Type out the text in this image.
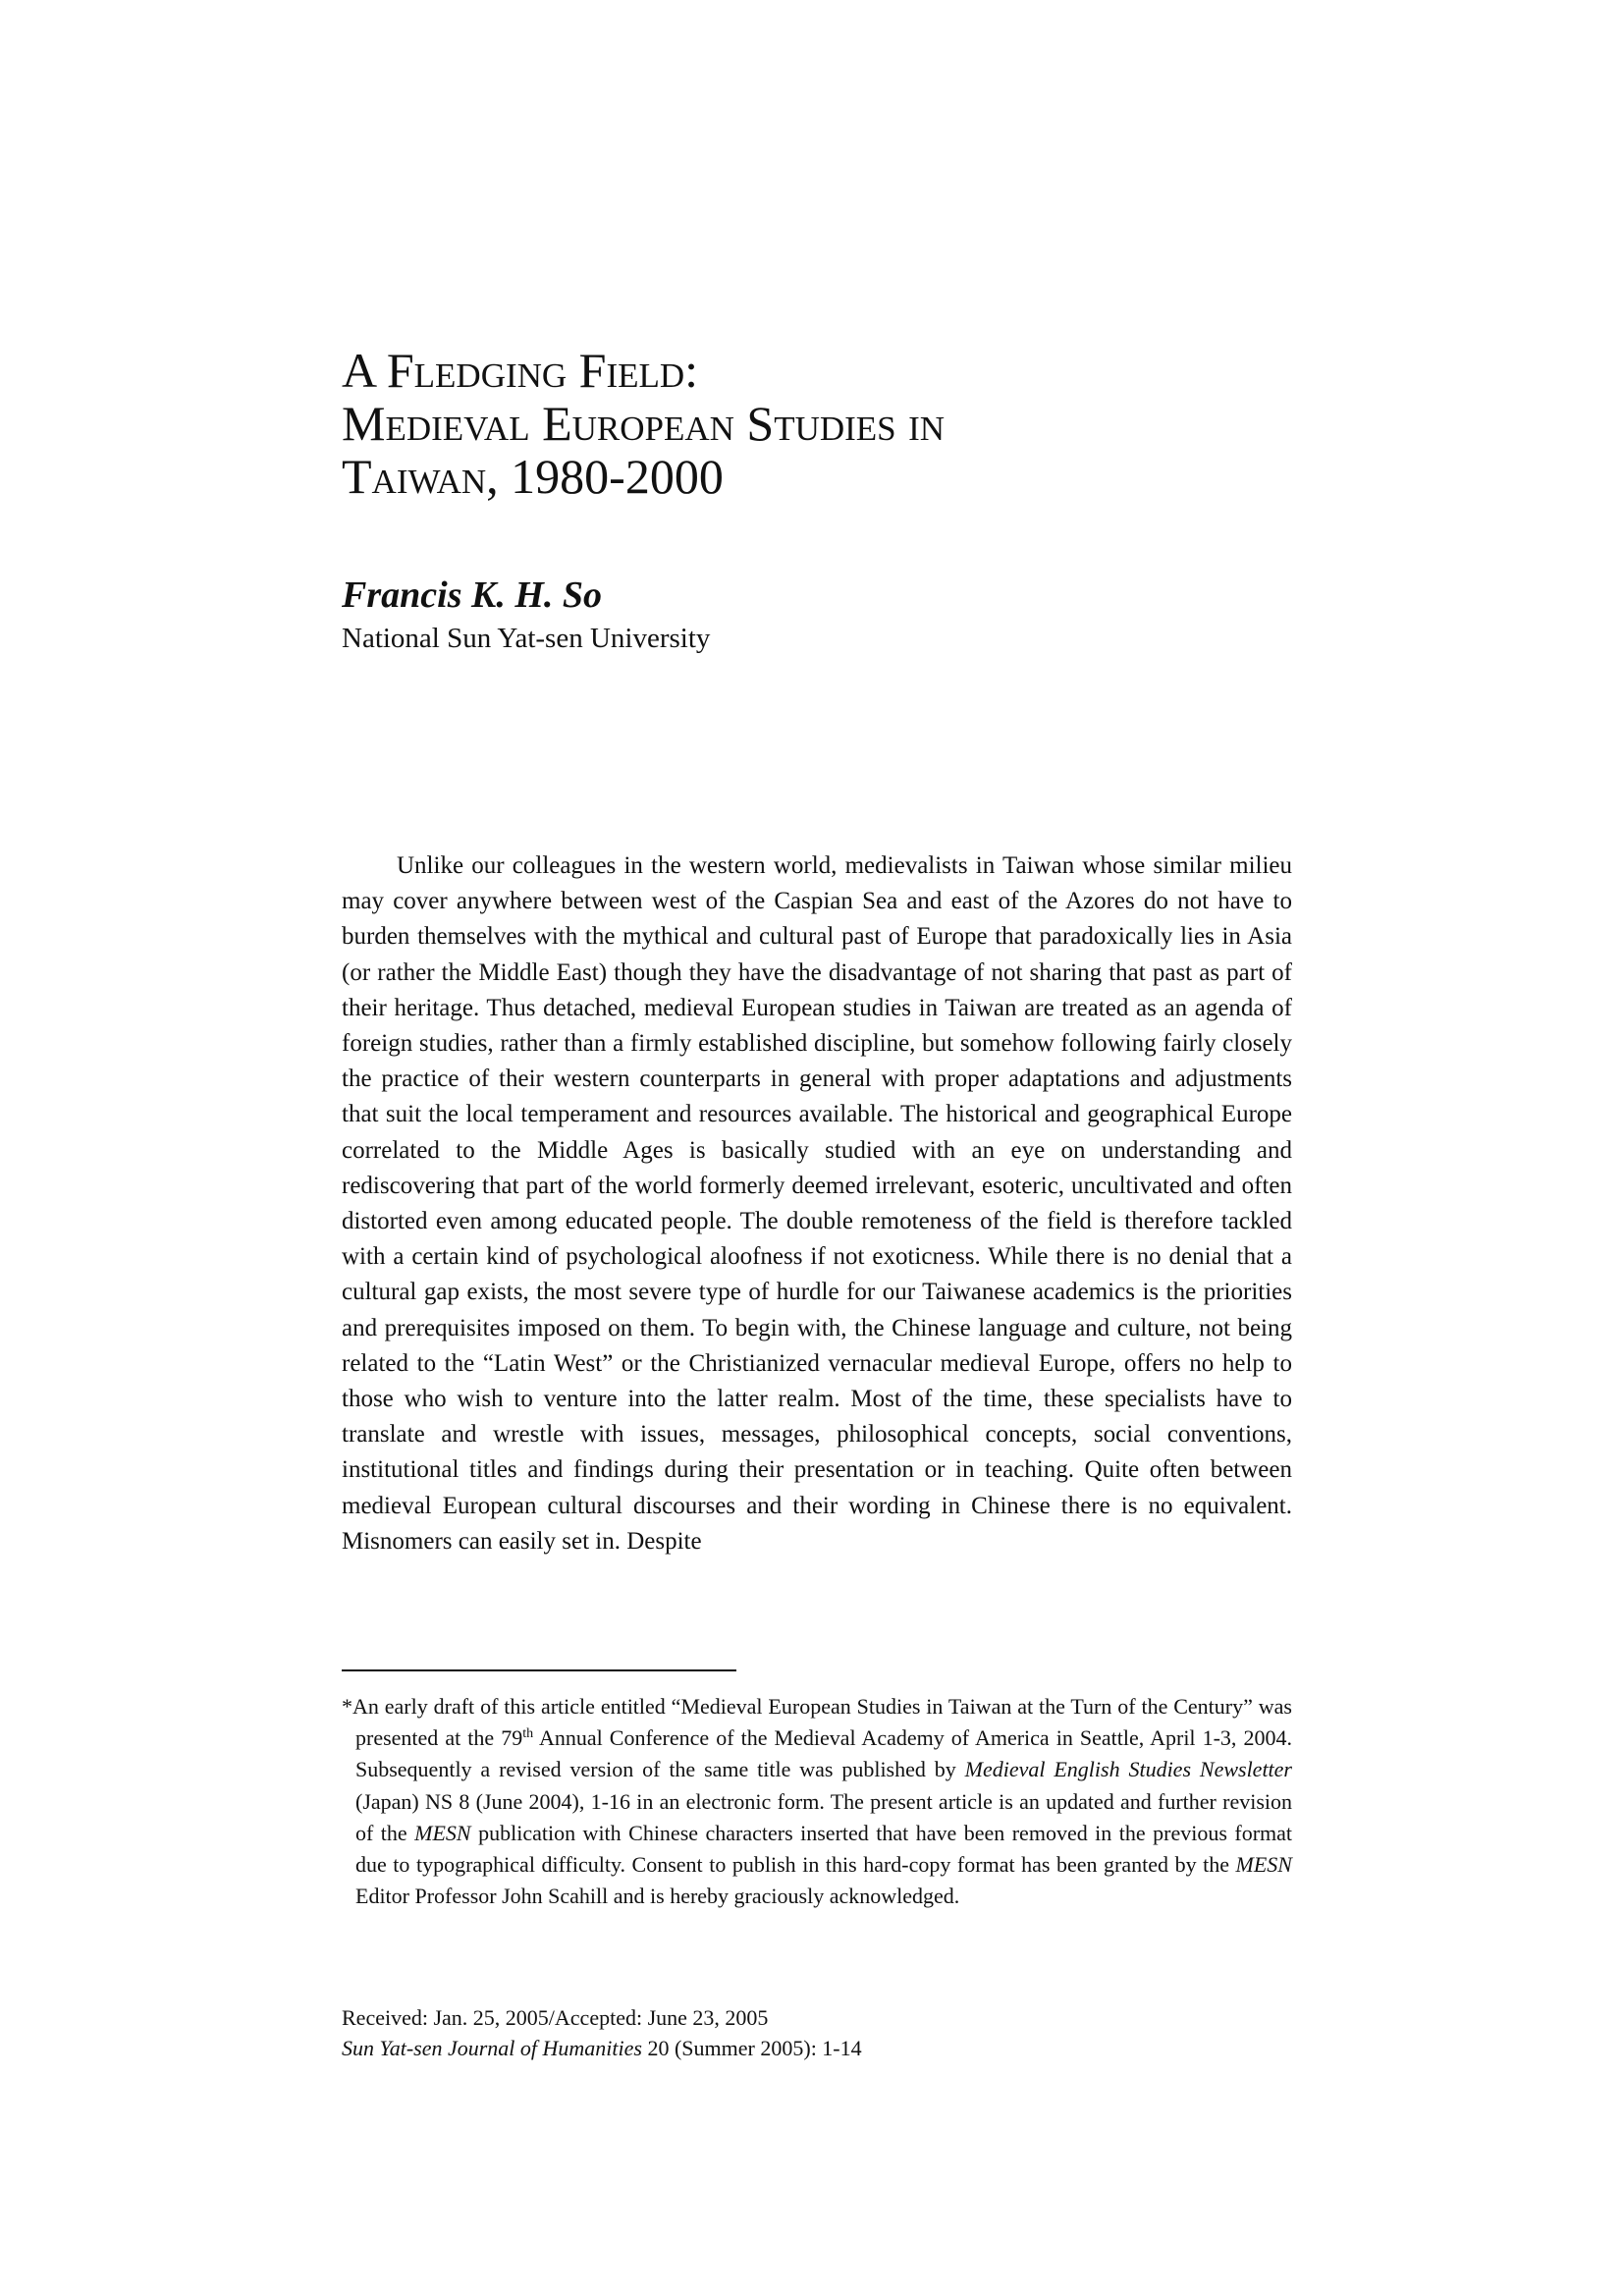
A Fledging Field:
Medieval European Studies in
Taiwan, 1980-2000
Francis K. H. So
National Sun Yat-sen University

Unlike our colleagues in the western world, medievalists in Taiwan whose similar milieu may cover anywhere between west of the Caspian Sea and east of the Azores do not have to burden themselves with the mythical and cultural past of Europe that paradoxically lies in Asia (or rather the Middle East) though they have the disadvantage of not sharing that past as part of their heritage. Thus detached, medieval European studies in Taiwan are treated as an agenda of foreign studies, rather than a firmly established discipline, but somehow following fairly closely the practice of their western counterparts in general with proper adaptations and adjustments that suit the local temperament and resources available. The historical and geographical Europe correlated to the Middle Ages is basically studied with an eye on understanding and rediscovering that part of the world formerly deemed irrelevant, esoteric, uncultivated and often distorted even among educated people. The double remoteness of the field is therefore tackled with a certain kind of psychological aloofness if not exoticness. While there is no denial that a cultural gap exists, the most severe type of hurdle for our Taiwanese academics is the priorities and prerequisites imposed on them. To begin with, the Chinese language and culture, not being related to the “Latin West” or the Christianized vernacular medieval Europe, offers no help to those who wish to venture into the latter realm. Most of the time, these specialists have to translate and wrestle with issues, messages, philosophical concepts, social conventions, institutional titles and findings during their presentation or in teaching. Quite often between medieval European cultural discourses and their wording in Chinese there is no equivalent. Misnomers can easily set in. Despite

*An early draft of this article entitled “Medieval European Studies in Taiwan at the Turn of the Century” was presented at the 79th Annual Conference of the Medieval Academy of America in Seattle, April 1-3, 2004. Subsequently a revised version of the same title was published by Medieval English Studies Newsletter (Japan) NS 8 (June 2004), 1-16 in an electronic form. The present article is an updated and further revision of the MESN publication with Chinese characters inserted that have been removed in the previous format due to typographical difficulty. Consent to publish in this hard-copy format has been granted by the MESN Editor Professor John Scahill and is hereby graciously acknowledged.

Received: Jan. 25, 2005/Accepted: June 23, 2005
Sun Yat-sen Journal of Humanities 20 (Summer 2005): 1-14
